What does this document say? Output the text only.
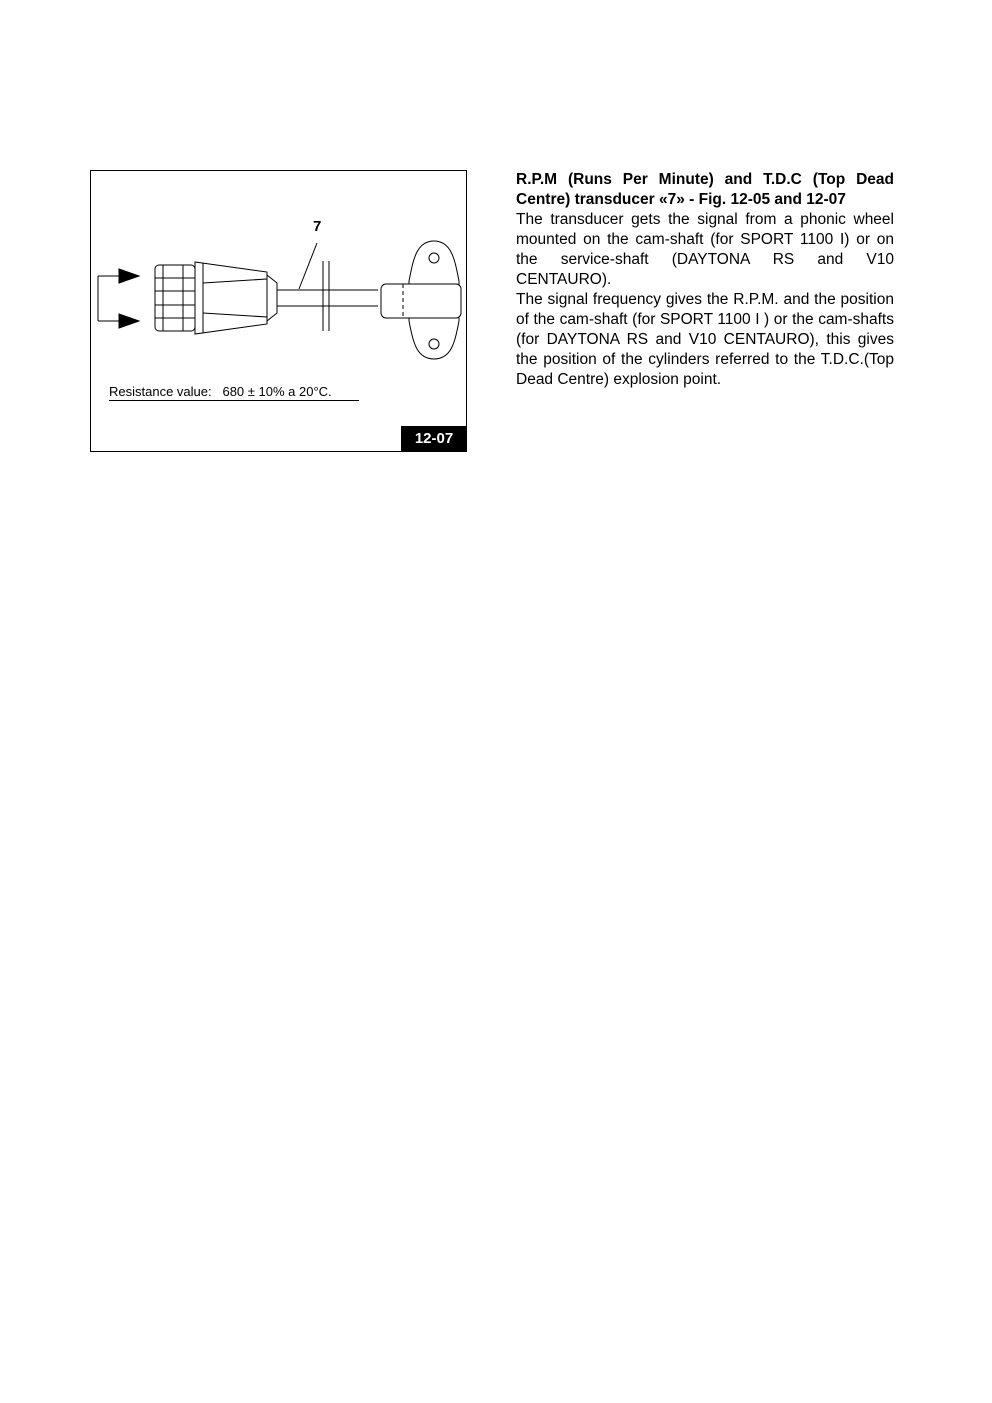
7
Resistance value: 680 ± 10% a 20°C.
12-07

R.P.M (Runs Per Minute) and T.D.C (Top Dead Centre) transducer «7» - Fig. 12-05 and 12-07

The transducer gets the signal from a phonic wheel mounted on the cam-shaft (for SPORT 1100 I) or on the service-shaft (DAYTONA RS and V10 CENTAURO).

The signal frequency gives the R.P.M. and the position of the cam-shaft (for SPORT 1100 I ) or the cam-shafts (for DAYTONA RS and V10 CENTAURO), this gives the position of the cylinders referred to the T.D.C.(Top Dead Centre) explosion point.
